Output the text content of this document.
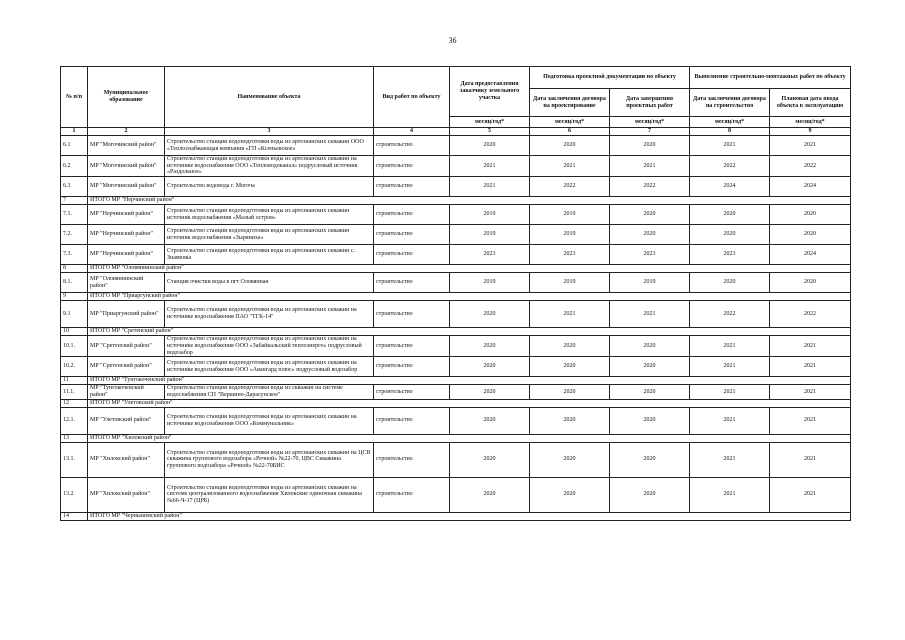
36
№ п/п	Муниципальное образование	Наименование объекта	Вид работ по объекту	Дата предоставления заказчику земельного участка	Подготовка проектной документации по объекту		Выполнение строительно-монтажных работ по объекту	
					Дата заключения договора на проектирование	Дата завершения проектных работ	Дата заключения договора на строительство	Плановая дата ввода объекта в эксплуатацию
				месяц/год*	месяц/год*	месяц/год*	месяц/год*	месяц/год*
1	2	3	4	5	6	7	8	9
6.1	МР "Могочинский район"	Строительство станции водоподготовки воды из артезианских скважин ООО «Теплоснабжающая компания «ГП «Ксеньевское»	строительство	2020	2020	2020	2021	2021
6.2	МР "Могочинский район"	Строительство станции водоподготовки воды из артезианских скважин на источнике водоснабжения ООО «Тепловодоканал» подрусловый источник «Раздольное»	строительство	2021	2021	2021	2022	2022
6.3	МР "Могочинский район"	Строительство водовода г. Могоча	строительство	2021	2022	2022	2024	2024
7	ИТОГО МР "Нерчинский район"							
7.1.	МР "Нерчинский район"	Строительство станции водоподготовки воды из артезианских скважин источник водоснабжения «Малый остров»	строительство	2019	2019	2020	2020	2020
7.2.	МР "Нерчинский район"	Строительство станции водоподготовки воды из артезианских скважин источник водоснабжения «Зыряниха»	строительство	2019	2019	2020	2020	2020
7.3.	МР "Нерчинский район"	Строительство станции водоподготовки воды из артезианских скважин с. Знаменка	строительство	2023	2023	2023	2023	2024
8	ИТОГО МР "Оловяннинский район"							
8.1.	МР "Оловяннинский район"	Станция очистки воды в пгт Оловянная	строительство	2019	2019	2019	2020	2020
9	ИТОГО МР "Приаргунский район"							
9.1	МР "Приаргунский район"	Строительство станции водоподготовки воды из артезианских скважин на источнике водоснабжения ПАО "ТГК-14"	строительство	2020	2021	2021	2022	2022
10	ИТОГО МР "Сретенский район"							
10.1.	МР "Сретенский район"	Строительство станции водоподготовки воды из артезианских скважин на источнике водоснабжения ООО «Забайкальский теплоэнерго» подрусловый водозабор	строительство	2020	2020	2020	2021	2021
10.2.	МР "Сретенский район"	Строительство станции водоподготовки воды из артезианских скважин на источнике водоснабжения ООО «Авангард плюс» подрусловый водозабор	строительство	2020	2020	2020	2021	2021
11	ИТОГО МР "Тунгокоченский район"							
11.1.	МР "Тунгокоченский район"	Строительство станции водоподготовки воды из скважин на системе водоснабжения СП "Вершино-Дарасунское"	строительство	2020	2020	2020	2021	2021
12	ИТОГО МР "Улетовский район"							
12.1.	МР "Улетовский район"	Строительство станции водоподготовки воды из артезианских скважин на источнике водоснабжения ООО «Коммунальник»	строительство	2020	2020	2020	2021	2021
13	ИТОГО МР "Хилокский район"							
13.1.	МР "Хилокский район"	Строительство станции водоподготовки воды из артезианских скважин на ЦСВ скважина группового водозабора «Речной» №22-70, ЦВС Скважина группового водозабора «Речной» №22-70БИС	строительство	2020	2020	2020	2021	2021
13.2	МР "Хилокский район"	Строительство станции водоподготовки воды из артезианских скважин на системе централизованного водоснабжения Хилокские одиночная скважина №66-Ч-17 (ЦРБ)	строительство	2020	2020	2020	2021	2021
14	ИТОГО МР "Чернышевский район"							
